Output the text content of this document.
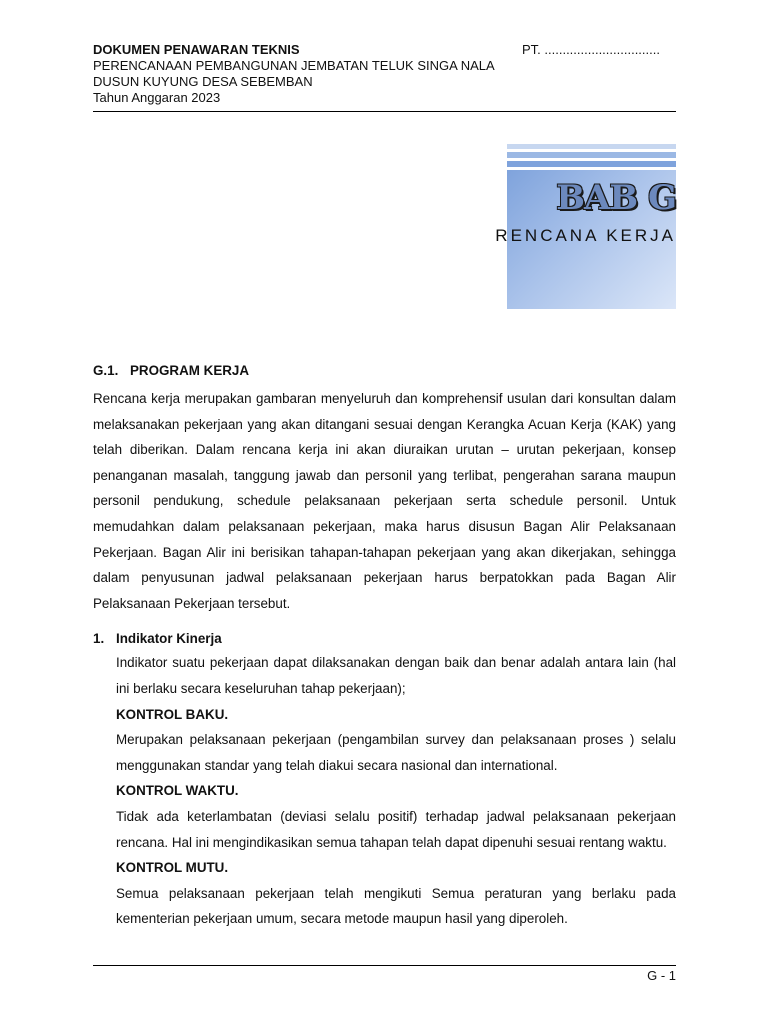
DOKUMEN PENAWARAN TEKNIS
PERENCANAAN PEMBANGUNAN JEMBATAN TELUK SINGA NALA
DUSUN KUYUNG DESA SEBEMBAN
Tahun Anggaran 2023
PT. ................................
BAB G
RENCANA KERJA
G.1. PROGRAM KERJA

Rencana kerja merupakan gambaran menyeluruh dan komprehensif usulan dari konsultan dalam melaksanakan pekerjaan yang akan ditangani sesuai dengan Kerangka Acuan Kerja (KAK) yang telah diberikan. Dalam rencana kerja ini akan diuraikan urutan – urutan pekerjaan, konsep penanganan masalah, tanggung jawab dan personil yang terlibat, pengerahan sarana maupun personil pendukung, schedule pelaksanaan pekerjaan serta schedule personil. Untuk memudahkan dalam pelaksanaan pekerjaan, maka harus disusun Bagan Alir Pelaksanaan Pekerjaan. Bagan Alir ini berisikan tahapan-tahapan pekerjaan yang akan dikerjakan, sehingga dalam penyusunan jadwal pelaksanaan pekerjaan harus berpatokkan pada Bagan Alir Pelaksanaan Pekerjaan tersebut.

1. Indikator Kinerja

Indikator suatu pekerjaan dapat dilaksanakan dengan baik dan benar adalah antara lain (hal ini berlaku secara keseluruhan tahap pekerjaan);

KONTROL BAKU.

Merupakan pelaksanaan pekerjaan (pengambilan survey dan pelaksanaan proses ) selalu menggunakan standar yang telah diakui secara nasional dan international.

KONTROL WAKTU.

Tidak ada keterlambatan (deviasi selalu positif) terhadap jadwal pelaksanaan pekerjaan rencana. Hal ini mengindikasikan semua tahapan telah dapat dipenuhi sesuai rentang waktu.

KONTROL MUTU.

Semua pelaksanaan pekerjaan telah mengikuti Semua peraturan yang berlaku pada kementerian pekerjaan umum, secara metode maupun hasil yang diperoleh.

G - 1
